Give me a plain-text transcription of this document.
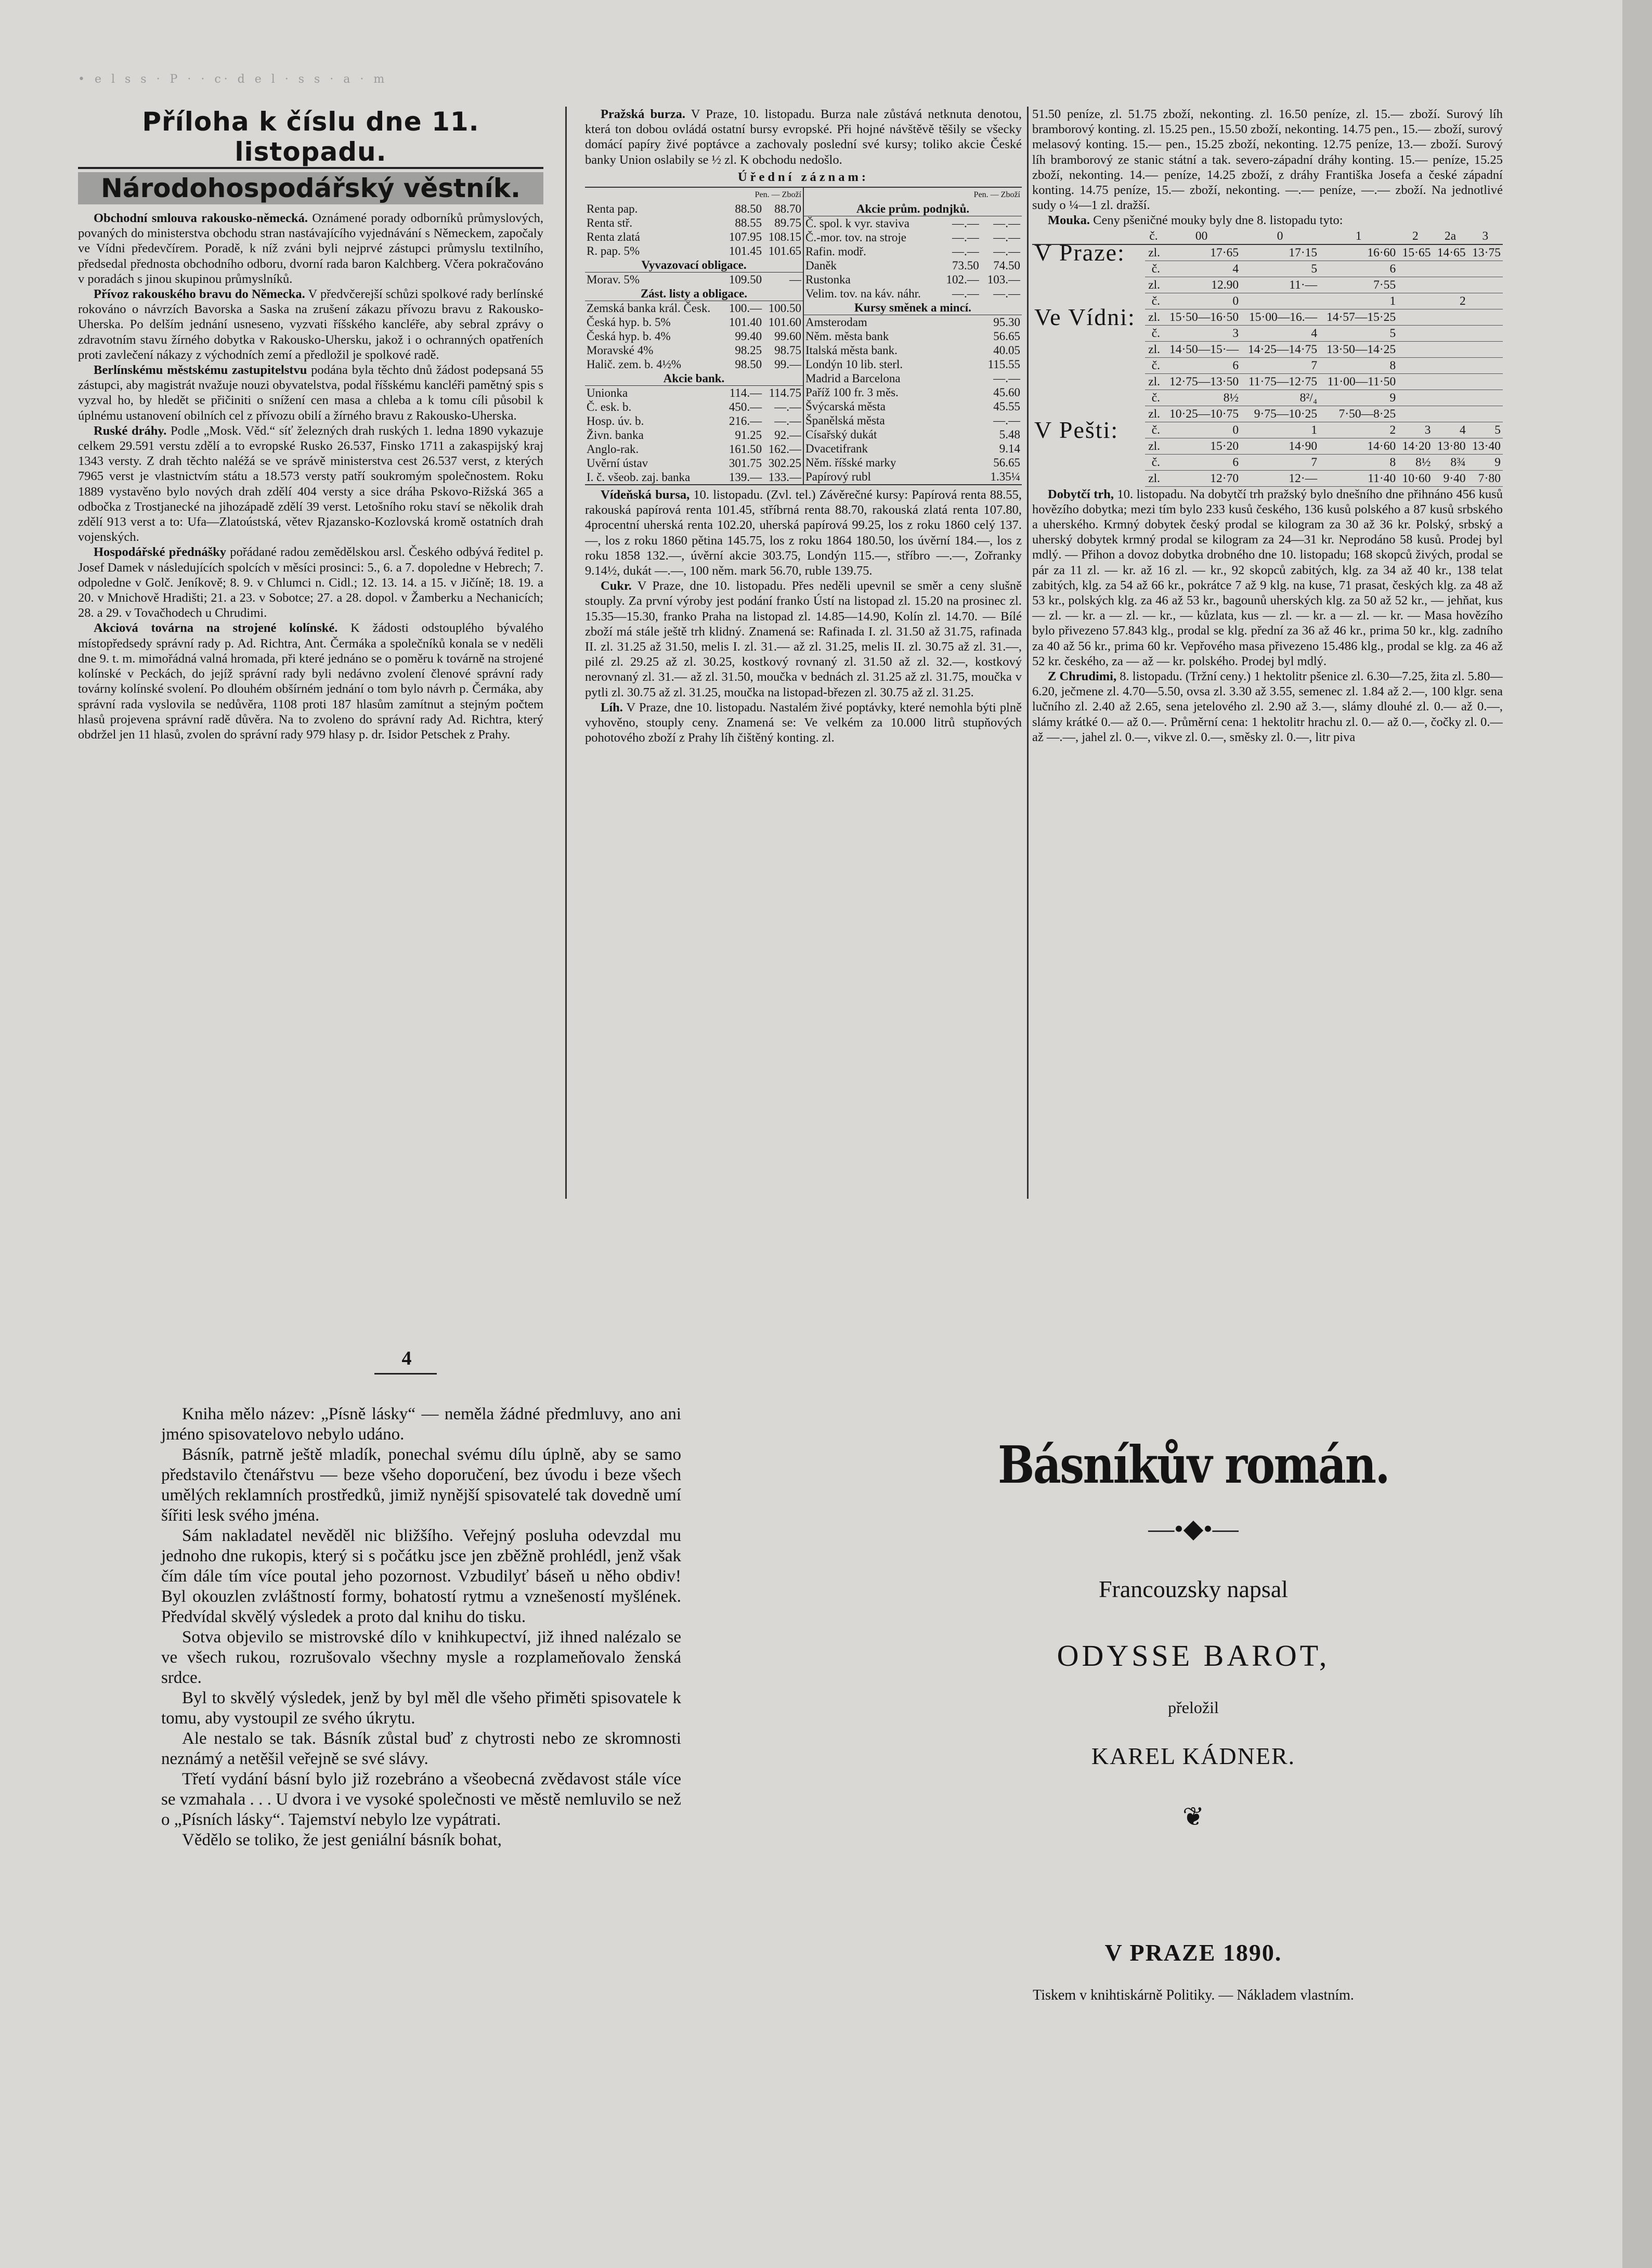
• e l s s · P · · c· d e l · s s · a · m
Příloha k číslu dne 11. listopadu.
Národohospodářský věstník.

Obchodní smlouva rakousko-německá. Oznámené porady odborníků průmyslových, povaných do ministerstva obchodu stran nastávajícího vyjednávání s Německem, započaly ve Vídni předevčírem. Poradě, k níž zváni byli nejprvé zástupci průmyslu textilního, předsedal přednosta obchodního odboru, dvorní rada baron Kalchberg. Včera pokračováno v poradách s jinou skupinou průmyslníků.

Přívoz rakouského bravu do Německa. V předvčerejší schůzi spolkové rady berlínské rokováno o návrzích Bavorska a Saska na zrušení zákazu přívozu bravu z Rakousko-Uherska. Po delším jednání usneseno, vyzvati říšského kancléře, aby sebral zprávy o zdravotním stavu žírného dobytka v Rakousko-Uhersku, jakož i o ochranných opatřeních proti zavlečení nákazy z východních zemí a předložil je spolkové radě.

Berlínskému městskému zastupitelstvu podána byla těchto dnů žádost podepsaná 55 zástupci, aby magistrát nvažuje nouzi obyvatelstva, podal říšskému kancléři pamětný spis s vyzval ho, by hledět se přičiniti o snížení cen masa a chleba a k tomu cíli působil k úplnému ustanovení obilních cel z přívozu obilí a žírného bravu z Rakousko-Uherska.

Ruské dráhy. Podle „Mosk. Věd.“ síť železných drah ruských 1. ledna 1890 vykazuje celkem 29.591 verstu zdělí a to evropské Rusko 26.537, Finsko 1711 a zakaspijský kraj 1343 versty. Z drah těchto naléžá se ve správě ministerstva cest 26.537 verst, z kterých 7965 verst je vlastnictvím státu a 18.573 versty patří soukromým společnostem. Roku 1889 vystavěno bylo nových drah zdělí 404 versty a sice dráha Pskovo-Rižská 365 a odbočka z Trostjanecké na jihozápadě zdělí 39 verst. Letošního roku staví se několik drah zdělí 913 verst a to: Ufa—Zlatoústská, větev Rjazansko-Kozlovská kromě ostatních drah vojenských.

Hospodářské přednášky pořádané radou zemědělskou arsl. Českého odbývá ředitel p. Josef Damek v následujících spolcích v měsíci prosinci: 5., 6. a 7. dopoledne v Hebrech; 7. odpoledne v Golč. Jeníkově; 8. 9. v Chlumci n. Cidl.; 12. 13. 14. a 15. v Jičíně; 18. 19. a 20. v Mnichově Hradišti; 21. a 23. v Sobotce; 27. a 28. dopol. v Žamberku a Nechanicích; 28. a 29. v Tovačhodech u Chrudimi.

Akciová továrna na strojené kolínské. K žádosti odstouplého bývalého místopředsedy správní rady p. Ad. Richtra, Ant. Čermáka a společníků konala se v neděli dne 9. t. m. mimořádná valná hromada, při které jednáno se o poměru k továrně na strojené kolínské v Peckách, do jejíž správní rady byli nedávno zvolení členové správní rady továrny kolínské svolení. Po dlouhém obšírném jednání o tom bylo návrh p. Čermáka, aby správní rada vyslovila se nedůvěra, 1108 proti 187 hlasům zamítnut a stejným počtem hlasů projevena správní radě důvěra. Na to zvoleno do správní rady Ad. Richtra, který obdržel jen 11 hlasů, zvolen do správní rady 979 hlasy p. dr. Isidor Petschek z Prahy.

Pražská burza. V Praze, 10. listopadu. Burza nale zůstává netknuta denotou, která ton dobou ovládá ostatní bursy evropské. Při hojné návštěvě těšily se všecky domácí papíry živé poptávce a zachovaly poslední své kursy; toliko akcie České banky Union oslabily se ½ zl. K obchodu nedošlo.

Úřední záznam:
	Pen. — Zboží	
Renta pap.	88.50	88.70
Renta stř.	88.55	89.75
Renta zlatá	107.95	108.15
R. pap. 5%	101.45	101.65
Vyvazovací obligace.		
Morav. 5%	109.50	—
Zást. listy a obligace.		
Zemská banka král. Česk.	100.—	100.50
Česká hyp. b. 5%	101.40	101.60
Česká hyp. b. 4%	99.40	99.60
Moravské 4%	98.25	98.75
Halič. zem. b. 4½%	98.50	99.—
Akcie bank.		
Unionka	114.—	114.75
Č. esk. b.	450.—	—.—
Hosp. úv. b.	216.—	—.—
Živn. banka	91.25	92.—
Anglo-rak.	161.50	162.—
Uvěrní ústav	301.75	302.25
I. č. všeob. zaj. banka	139.—	133.—
	Pen. — Zboží	
Akcie prům. podnjků.		
Č. spol. k vyr. staviva	—.—	—.—
Č.-mor. tov. na stroje	—.—	—.—
Rafin. modř.	—.—	—.—
Daněk	73.50	74.50
Rustonka	102.—	103.—
Velim. tov. na káv. náhr.	—.—	—.—
Kursy směnek a mincí.		
Amsterodam		95.30
Něm. města bank		56.65
Italská města bank.		40.05
Londýn 10 lib. sterl.		115.55
Madrid a Barcelona		—.—
Paříž 100 fr. 3 měs.		45.60
Švýcarská města		45.55
Španělská města		—.—
Císařský dukát		5.48
Dvacetifrank		9.14
Něm. říšské marky		56.65
Papírový rubl		1.35¼

Vídeňská bursa, 10. listopadu. (Zvl. tel.) Závěrečné kursy: Papírová renta 88.55, rakouská papírová renta 101.45, stříbrná renta 88.70, rakouská zlatá renta 107.80, 4procentní uherská renta 102.20, uherská papírová 99.25, los z roku 1860 celý 137.—, los z roku 1860 pětina 145.75, los z roku 1864 180.50, los úvěrní 184.—, los z roku 1858 132.—, úvěrní akcie 303.75, Londýn 115.—, stříbro —.—, Zořranky 9.14½, dukát —.—, 100 něm. mark 56.70, ruble 139.75.

Cukr. V Praze, dne 10. listopadu. Přes neděli upevnil se směr a ceny slušně stouply. Za první výroby jest podání franko Ústí na listopad zl. 15.20 na prosinec zl. 15.35—15.30, franko Praha na listopad zl. 14.85—14.90, Kolín zl. 14.70. — Bílé zboží má stále ještě trh klidný. Znamená se: Rafinada I. zl. 31.50 až 31.75, rafinada II. zl. 31.25 až 31.50, melis I. zl. 31.— až zl. 31.25, melis II. zl. 30.75 až zl. 31.—, pilé zl. 29.25 až zl. 30.25, kostkový rovnaný zl. 31.50 až zl. 32.—, kostkový nerovnaný zl. 31.— až zl. 31.50, moučka v bednách zl. 31.25 až zl. 31.75, moučka v pytli zl. 30.75 až zl. 31.25, moučka na listopad-březen zl. 30.75 až zl. 31.25.

Líh. V Praze, dne 10. listopadu. Nastalém živé poptávky, které nemohla býti plně vyhověno, stouply ceny. Znamená se: Ve velkém za 10.000 litrů stupňových pohotového zboží z Prahy líh čištěný konting. zl.

51.50 peníze, zl. 51.75 zboží, nekonting. zl. 16.50 peníze, zl. 15.— zboží. Surový líh bramborový konting. zl. 15.25 pen., 15.50 zboží, nekonting. 14.75 pen., 15.— zboží, surový melasový konting. 15.— pen., 15.25 zboží, nekonting. 12.75 peníze, 13.— zboží. Surový líh bramborový ze stanic státní a tak. severo-západní dráhy konting. 15.— peníze, 15.25 zboží, nekonting. 14.— peníze, 14.25 zboží, z dráhy Františka Josefa a české západní konting. 14.75 peníze, 15.— zboží, nekonting. —.— peníze, —.— zboží. Na jednotlivé sudy o ¼—1 zl. dražší.

Mouka. Ceny pšeničné mouky byly dne 8. listopadu tyto:

	č.	00	0	1	2	2a	3
V Praze:	zl.	17·65	17·15	16·60	15·65	14·65	13·75
	č.	4	5	6			
	zl.	12.90	11·—	7·55			
	č.	0		1		2	
Ve Vídni:	zl.	15·50—16·50	15·00—16.—	14·57—15·25			
	č.	3	4	5			
	zl.	14·50—15·—	14·25—14·75	13·50—14·25			
	č.	6	7	8			
	zl.	12·75—13·50	11·75—12·75	11·00—11·50			
	č.	8½	8²/₄	9			
	zl.	10·25—10·75	9·75—10·25	7·50—8·25			
V Pešti:	č.	0	1	2	3	4	5
	zl.	15·20	14·90	14·60	14·20	13·80	13·40
	č.	6	7	8	8½	8¾	9
	zl.	12·70	12·—	11·40	10·60	9·40	7·80

Dobytčí trh, 10. listopadu. Na dobytčí trh pražský bylo dnešního dne přihnáno 456 kusů hovězího dobytka; mezi tím bylo 233 kusů českého, 136 kusů polského a 87 kusů srbského a uherského. Krmný dobytek český prodal se kilogram za 30 až 36 kr. Polský, srbský a uherský dobytek krmný prodal se kilogram za 24—31 kr. Neprodáno 58 kusů. Prodej byl mdlý. — Přihon a dovoz dobytka drobného dne 10. listopadu; 168 skopců živých, prodal se pár za 11 zl. — kr. až 16 zl. — kr., 92 skopců zabitých, klg. za 34 až 40 kr., 138 telat zabitých, klg. za 54 až 66 kr., pokrátce 7 až 9 klg. na kuse, 71 prasat, českých klg. za 48 až 53 kr., polských klg. za 46 až 53 kr., bagounů uherských klg. za 50 až 52 kr., — jehňat, kus — zl. — kr. a — zl. — kr., — kůzlata, kus — zl. — kr. a — zl. — kr. — Masa hovězího bylo přivezeno 57.843 klg., prodal se klg. přední za 36 až 46 kr., prima 50 kr., klg. zadního za 40 až 56 kr., prima 60 kr. Vepřového masa přivezeno 15.486 klg., prodal se klg. za 46 až 52 kr. českého, za — až — kr. polského. Prodej byl mdlý.

Z Chrudimi, 8. listopadu. (Tržní ceny.) 1 hektolitr pšenice zl. 6.30—7.25, žita zl. 5.80—6.20, ječmene zl. 4.70—5.50, ovsa zl. 3.30 až 3.55, semenec zl. 1.84 až 2.—, 100 klgr. sena lučního zl. 2.40 až 2.65, sena jetelového zl. 2.90 až 3.—, slámy dlouhé zl. 0.— až 0.—, slámy krátké 0.— až 0.—. Průměrní cena: 1 hektolitr hrachu zl. 0.— až 0.—, čočky zl. 0.— až —.—, jahel zl. 0.—, vikve zl. 0.—, směsky zl. 0.—, litr piva

4

Kniha mělo název: „Písně lásky“ — neměla žádné předmluvy, ano ani jméno spisovatelovo nebylo udáno.

Básník, patrně ještě mladík, ponechal svému dílu úplně, aby se samo představilo čtenářstvu — beze všeho doporučení, bez úvodu i beze všech umělých reklamních prostředků, jimiž nynější spisovatelé tak dovedně umí šířiti lesk svého jména.

Sám nakladatel nevěděl nic bližšího. Veřejný posluha odevzdal mu jednoho dne rukopis, který si s počátku jsce jen zběžně prohlédl, jenž však čím dále tím více poutal jeho pozornost. Vzbudilyť báseň u něho obdiv! Byl okouzlen zvláštností formy, bohatostí rytmu a vznešeností myšlének. Předvídal skvělý výsledek a proto dal knihu do tisku.

Sotva objevilo se mistrovské dílo v knihkupectví, již ihned nalézalo se ve všech rukou, rozrušovalo všechny mysle a rozplameňovalo ženská srdce.

Byl to skvělý výsledek, jenž by byl měl dle všeho přiměti spisovatele k tomu, aby vystoupil ze svého úkrytu.

Ale nestalo se tak. Básník zůstal buď z chytrosti nebo ze skromnosti neznámý a netěšil veřejně se své slávy.

Třetí vydání básní bylo již rozebráno a všeobecná zvědavost stále více se vzmahala . . . U dvora i ve vysoké společnosti ve městě nemluvilo se než o „Písních lásky“. Tajemství nebylo lze vypátrati.

Vědělo se toliko, že jest geniální básník bohat,

Básníkův román.
—•◆•—
Francouzsky napsal
ODYSSE BAROT,
přeložil
KAREL KÁDNER.
❦
V PRAZE 1890.
Tiskem v knihtiskárně Politiky. — Nákladem vlastním.
